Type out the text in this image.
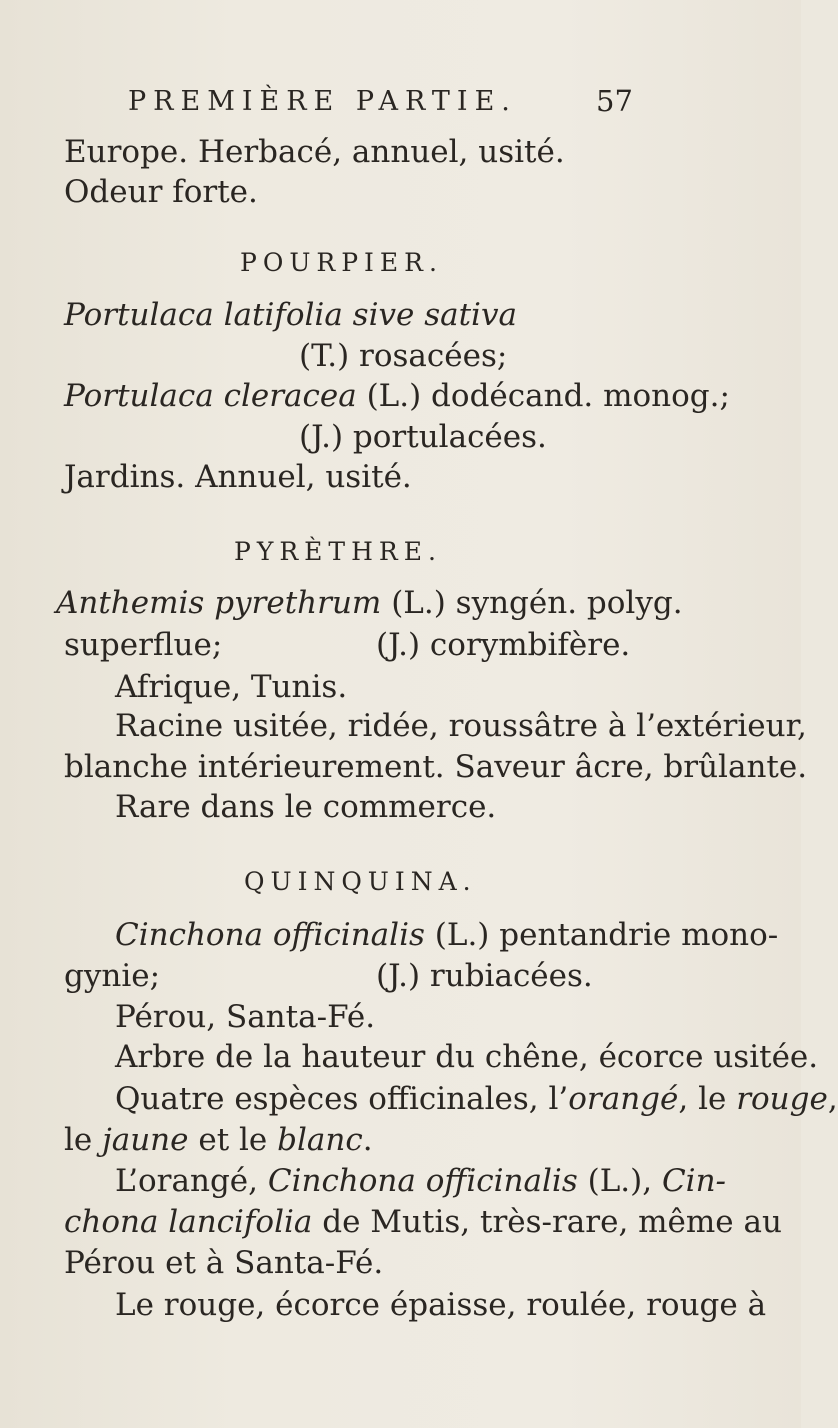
PREMIÈRE PARTIE.	57
Europe. Herbacé, annuel, usité.
Odeur forte.
POURPIER.
Portulaca latifolia sive sativa
(T.) rosacées;
Portulaca cleracea (L.) dodécand. monog.;
(J.) portulacées.
Jardins. Annuel, usité.
PYRÈTHRE.
Anthemis pyrethrum (L.) syngén. polyg.
superflue;	(J.) corymbifère.
Afrique, Tunis.
Racine usitée, ridée, roussâtre à l’extérieur,
blanche intérieurement. Saveur âcre, brûlante.
Rare dans le commerce.
QUINQUINA.
Cinchona officinalis (L.) pentandrie mono-
gynie;	(J.) rubiacées.
Pérou, Santa-Fé.
Arbre de la hauteur du chêne, écorce usitée.
Quatre espèces officinales, l’orangé, le rouge,
le jaune et le blanc.
L’orangé, Cinchona officinalis (L.), Cin-
chona lancifolia de Mutis, très-rare, même au
Pérou et à Santa-Fé.
Le rouge, écorce épaisse, roulée, rouge à
